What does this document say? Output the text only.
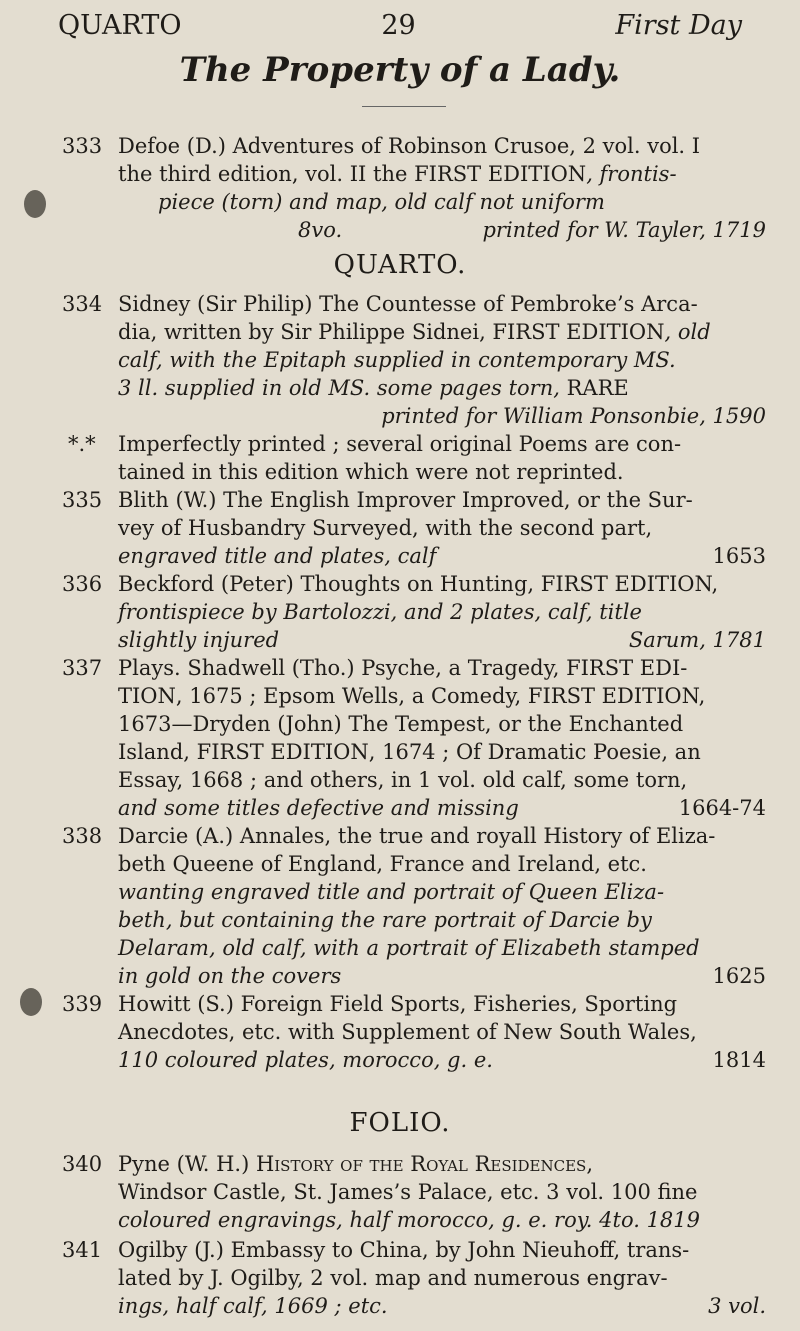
QUARTO	29	First Day
The Property of a Lady.
333 Defoe (D.) Adventures of Robinson Crusoe, 2 vol. vol. I
the third edition, vol. II the FIRST EDITION, frontis-
piece (torn) and map, old calf not uniform
8vo.	printed for W. Tayler, 1719
QUARTO.
334 Sidney (Sir Philip) The Countesse of Pembroke’s Arca-
dia, written by Sir Philippe Sidnei, FIRST EDITION, old
calf, with the Epitaph supplied in contemporary MS.
3 ll. supplied in old MS. some pages torn, RARE
printed for William Ponsonbie, 1590
*.* Imperfectly printed ; several original Poems are con-
tained in this edition which were not reprinted.
335 Blith (W.) The English Improver Improved, or the Sur-
vey of Husbandry Surveyed, with the second part,
engraved title and plates, calf	1653
336 Beckford (Peter) Thoughts on Hunting, FIRST EDITION,
frontispiece by Bartolozzi, and 2 plates, calf, title
slightly injured	Sarum, 1781
337 Plays. Shadwell (Tho.) Psyche, a Tragedy, FIRST EDI-
TION, 1675 ; Epsom Wells, a Comedy, FIRST EDITION,
1673—Dryden (John) The Tempest, or the Enchanted
Island, FIRST EDITION, 1674 ; Of Dramatic Poesie, an
Essay, 1668 ; and others, in 1 vol. old calf, some torn,
and some titles defective and missing	1664-74
338 Darcie (A.) Annales, the true and royall History of Eliza-
beth Queene of England, France and Ireland, etc.
wanting engraved title and portrait of Queen Eliza-
beth, but containing the rare portrait of Darcie by
Delaram, old calf, with a portrait of Elizabeth stamped
in gold on the covers	1625
339 Howitt (S.) Foreign Field Sports, Fisheries, Sporting
Anecdotes, etc. with Supplement of New South Wales,
110 coloured plates, morocco, g. e.	1814
FOLIO.
340 Pyne (W. H.) History of the Royal Residences,
Windsor Castle, St. James’s Palace, etc. 3 vol. 100 fine
coloured engravings, half morocco, g. e. roy. 4to. 1819
341 Ogilby (J.) Embassy to China, by John Nieuhoff, trans-
lated by J. Ogilby, 2 vol. map and numerous engrav-
ings, half calf, 1669 ; etc.	3 vol.
